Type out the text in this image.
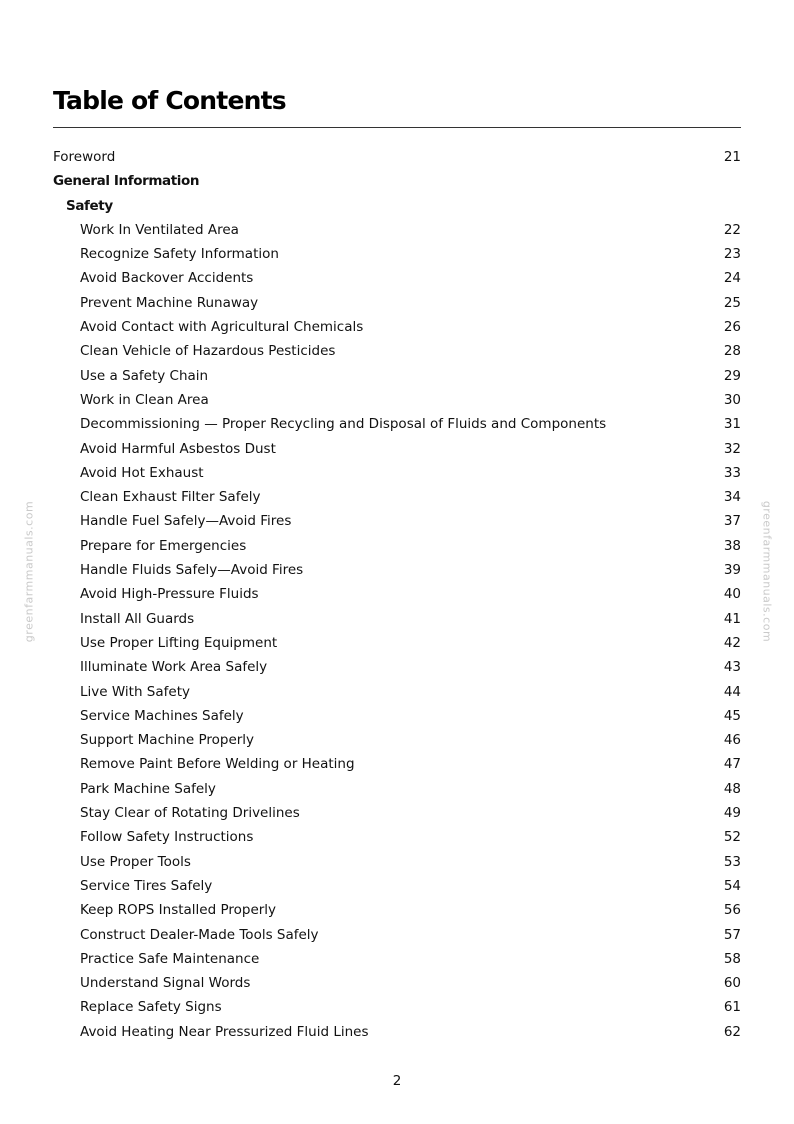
greenfarmmanuals.com	greenfarmmanuals.com
Table of Contents
Foreword	21
General Information
Safety
Work In Ventilated Area	22
Recognize Safety Information	23
Avoid Backover Accidents	24
Prevent Machine Runaway	25
Avoid Contact with Agricultural Chemicals	26
Clean Vehicle of Hazardous Pesticides	28
Use a Safety Chain	29
Work in Clean Area	30
Decommissioning — Proper Recycling and Disposal of Fluids and Components	31
Avoid Harmful Asbestos Dust	32
Avoid Hot Exhaust	33
Clean Exhaust Filter Safely	34
Handle Fuel Safely—Avoid Fires	37
Prepare for Emergencies	38
Handle Fluids Safely—Avoid Fires	39
Avoid High-Pressure Fluids	40
Install All Guards	41
Use Proper Lifting Equipment	42
Illuminate Work Area Safely	43
Live With Safety	44
Service Machines Safely	45
Support Machine Properly	46
Remove Paint Before Welding or Heating	47
Park Machine Safely	48
Stay Clear of Rotating Drivelines	49
Follow Safety Instructions	52
Use Proper Tools	53
Service Tires Safely	54
Keep ROPS Installed Properly	56
Construct Dealer-Made Tools Safely	57
Practice Safe Maintenance	58
Understand Signal Words	60
Replace Safety Signs	61
Avoid Heating Near Pressurized Fluid Lines	62
2
